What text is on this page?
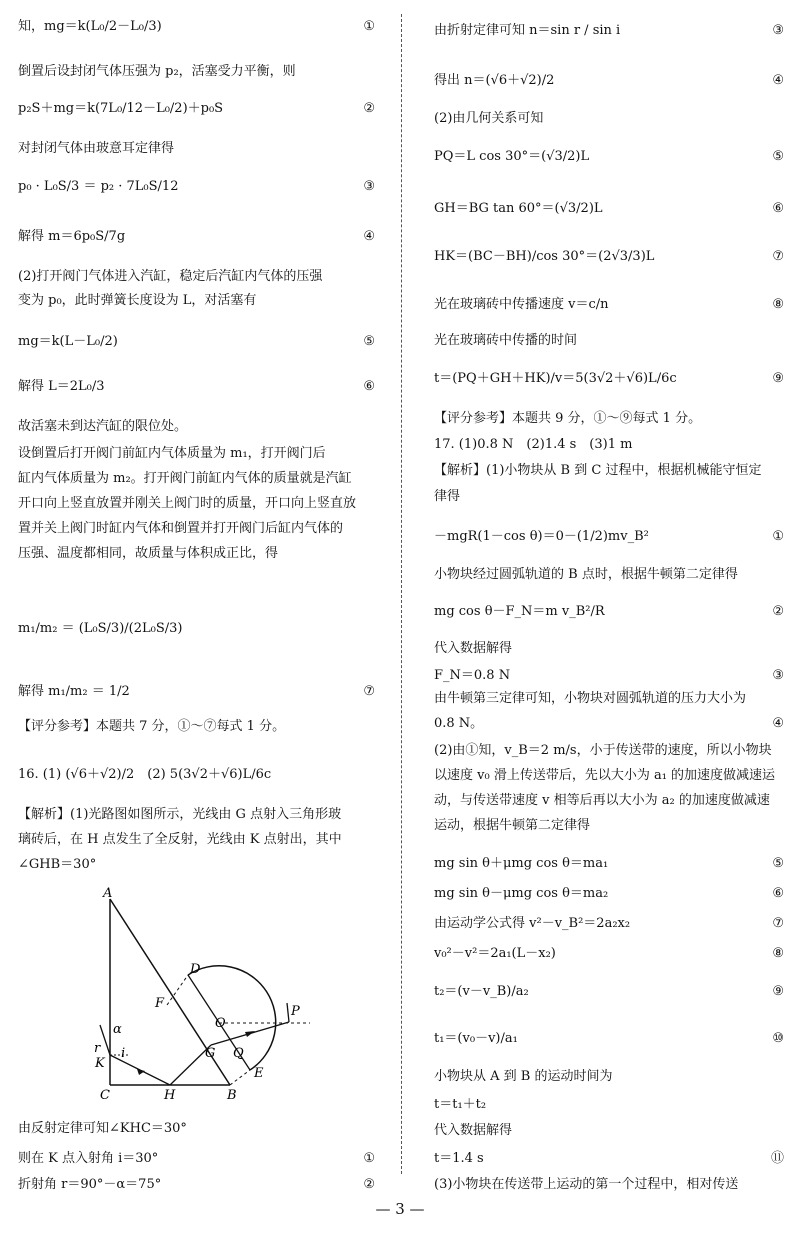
知，mg＝k(L₀/2－L₀/3)	①
倒置后设封闭气体压强为 p₂，活塞受力平衡，则
p₂S＋mg＝k(7L₀/12－L₀/2)＋p₀S	②
对封闭气体由玻意耳定律得
p₀ · L₀S/3 ＝ p₂ · 7L₀S/12	③
解得 m＝6p₀S/7g	④
(2)打开阀门气体进入汽缸，稳定后汽缸内气体的压强
变为 p₀，此时弹簧长度设为 L，对活塞有
mg＝k(L－L₀/2)	⑤
解得 L＝2L₀/3	⑥
故活塞未到达汽缸的限位处。
设倒置后打开阀门前缸内气体质量为 m₁，打开阀门后
缸内气体质量为 m₂。打开阀门前缸内气体的质量就是汽缸
开口向上竖直放置并刚关上阀门时的质量，开口向上竖直放
置并关上阀门时缸内气体和倒置并打开阀门后缸内气体的
压强、温度都相同，故质量与体积成正比，得
m₁/m₂ ＝ (L₀S/3)/(2L₀S/3)
解得 m₁/m₂ ＝ 1/2	⑦
【评分参考】本题共 7 分，①～⑦每式 1 分。
16. (1) (√6＋√2)/2　(2) 5(3√2＋√6)L/6c
【解析】(1)光路图如图所示，光线由 G 点射入三角形玻
璃砖后，在 H 点发生了全反射，光线由 K 点射出，其中
∠GHB＝30°
由反射定律可知∠KHC＝30°
则在 K 点入射角 i＝30°	①
折射角 r＝90°－α＝75°	②
由折射定律可知 n＝sin r / sin i	③
得出 n＝(√6＋√2)/2	④
(2)由几何关系可知
PQ＝L cos 30°＝(√3/2)L	⑤
GH＝BG tan 60°＝(√3/2)L	⑥
HK＝(BC－BH)/cos 30°＝(2√3/3)L	⑦
光在玻璃砖中传播速度 v＝c/n	⑧
光在玻璃砖中传播的时间
t＝(PQ＋GH＋HK)/v＝5(3√2＋√6)L/6c	⑨
【评分参考】本题共 9 分，①～⑨每式 1 分。
17. (1)0.8 N　(2)1.4 s　(3)1 m
【解析】(1)小物块从 B 到 C 过程中，根据机械能守恒定
律得
－mgR(1－cos θ)＝0－(1/2)mv_B²	①
小物块经过圆弧轨道的 B 点时，根据牛顿第二定律得
mg cos θ－F_N＝m v_B²/R	②
代入数据解得
F_N＝0.8 N	③
由牛顿第三定律可知，小物块对圆弧轨道的压力大小为
0.8 N。	④
(2)由①知，v_B＝2 m/s，小于传送带的速度，所以小物块
以速度 v₀ 滑上传送带后，先以大小为 a₁ 的加速度做减速运
动，与传送带速度 v 相等后再以大小为 a₂ 的加速度做减速
运动，根据牛顿第二定律得
mg sin θ＋μmg cos θ＝ma₁	⑤
mg sin θ－μmg cos θ＝ma₂	⑥
由运动学公式得 v²－v_B²＝2a₂x₂	⑦
v₀²－v²＝2a₁(L－x₂)	⑧
t₂＝(v－v_B)/a₂	⑨
t₁＝(v₀－v)/a₁	⑩
小物块从 A 到 B 的运动时间为
t＝t₁＋t₂
代入数据解得
t＝1.4 s	⑪
(3)小物块在传送带上运动的第一个过程中，相对传送
A
C	B
H
K
D
E
F
G
O
P
Q
α
r i
— 3 —
